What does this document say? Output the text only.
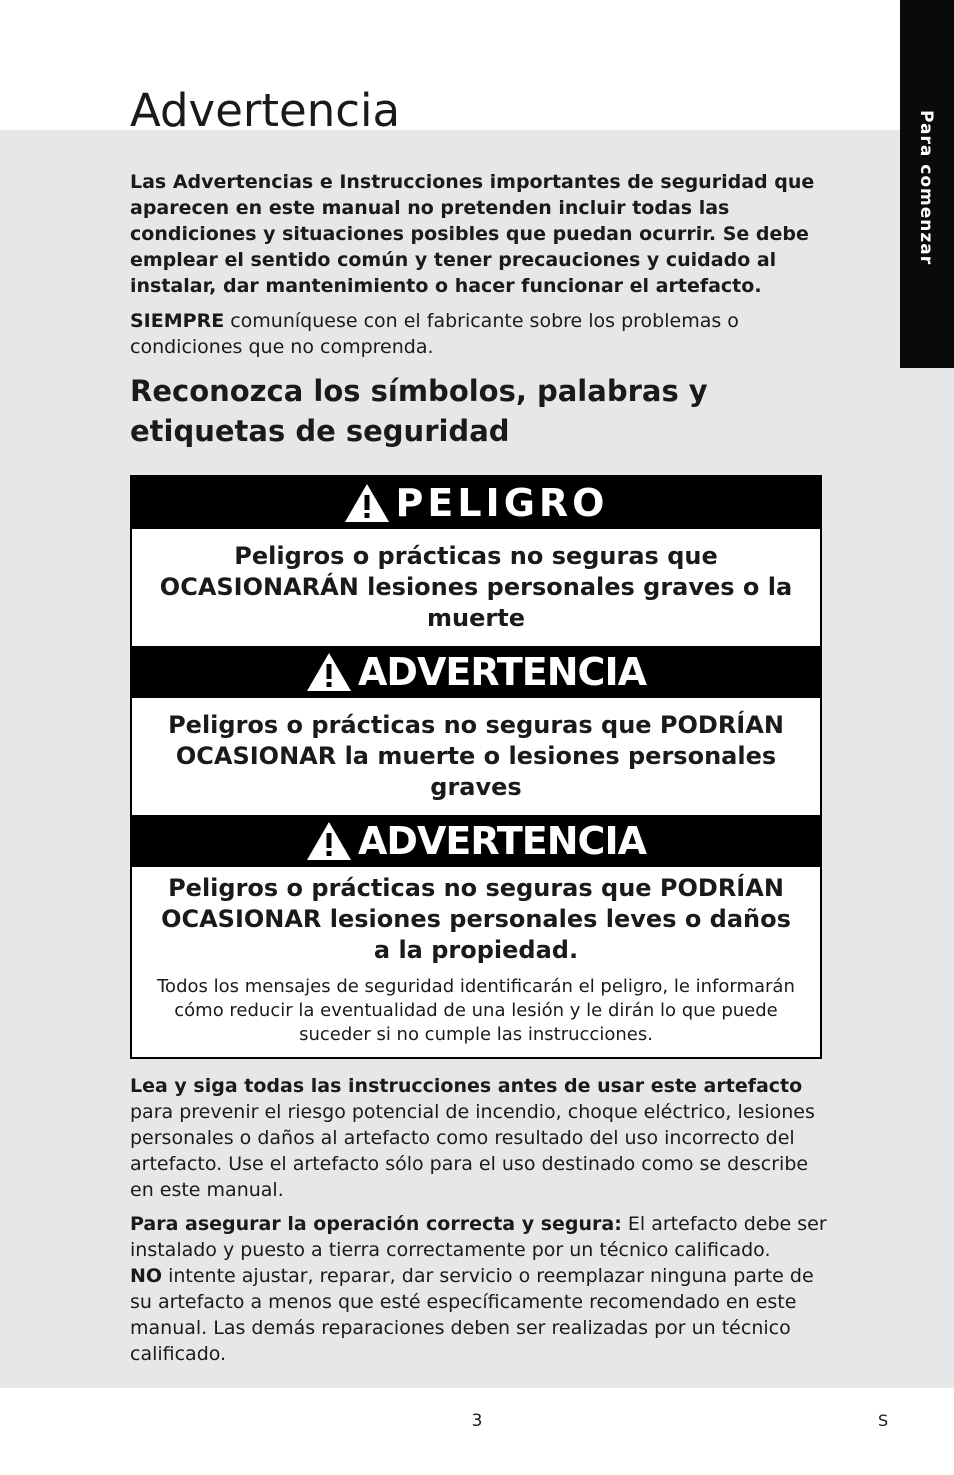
Para comenzar
Advertencia

Las Advertencias e Instrucciones importantes de seguridad que aparecen en este manual no pretenden incluir todas las condiciones y situaciones posibles que puedan ocurrir. Se debe emplear el sentido común y tener precauciones y cuidado al instalar, dar mantenimiento o hacer funcionar el artefacto.

SIEMPRE comuníquese con el fabricante sobre los problemas o condiciones que no comprenda.

Reconozca los símbolos, palabras y etiquetas de seguridad
PELIGRO
Peligros o prácticas no seguras que OCASIONARÁN lesiones personales graves o la muerte
ADVERTENCIA
Peligros o prácticas no seguras que PODRÍAN OCASIONAR la muerte o lesiones personales graves
ADVERTENCIA
Peligros o prácticas no seguras que PODRÍAN OCASIONAR lesiones personales leves o daños a la propiedad.
Todos los mensajes de seguridad identificarán el peligro, le informarán cómo reducir la eventualidad de una lesión y le dirán lo que puede suceder si no cumple las instrucciones.

Lea y siga todas las instrucciones antes de usar este artefacto
para prevenir el riesgo potencial de incendio, choque eléctrico, lesiones personales o daños al artefacto como resultado del uso incorrecto del artefacto. Use el artefacto sólo para el uso destinado como se describe en este manual.

Para asegurar la operación correcta y segura: El artefacto debe ser instalado y puesto a tierra correctamente por un técnico calificado.
NO intente ajustar, reparar, dar servicio o reemplazar ninguna parte de su artefacto a menos que esté específicamente recomendado en este manual. Las demás reparaciones deben ser realizadas por un técnico calificado.

3	S
